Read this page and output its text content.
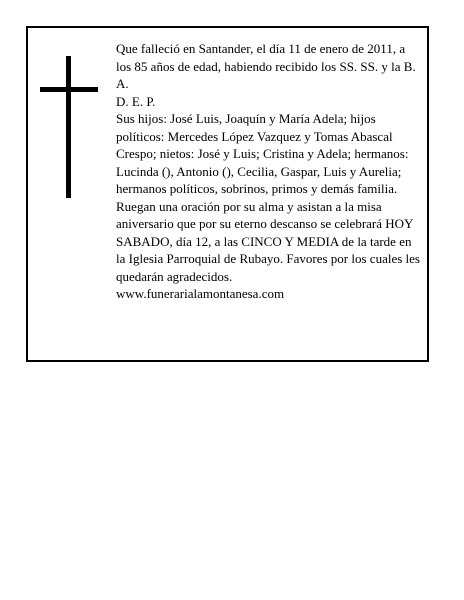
Que falleció en Santander, el día 11 de enero de 2011, a los 85 años de edad, habiendo recibido los SS. SS. y la B. A.

D. E. P.

Sus hijos: José Luis, Joaquín y María Adela; hijos políticos: Mercedes López Vazquez y Tomas Abascal Crespo; nietos: José y Luis; Cristina y Adela; hermanos: Lucinda (), Antonio (), Cecilia, Gaspar, Luis y Aurelia; hermanos políticos, sobrinos, primos y demás familia.

Ruegan una oración por su alma y asistan a la misa aniversario que por su eterno descanso se celebrará HOY SABADO, día 12, a las CINCO Y MEDIA de la tarde en la Iglesia Parroquial de Rubayo. Favores por los cuales les quedarán agradecidos.

www.funerarialamontanesa.com
